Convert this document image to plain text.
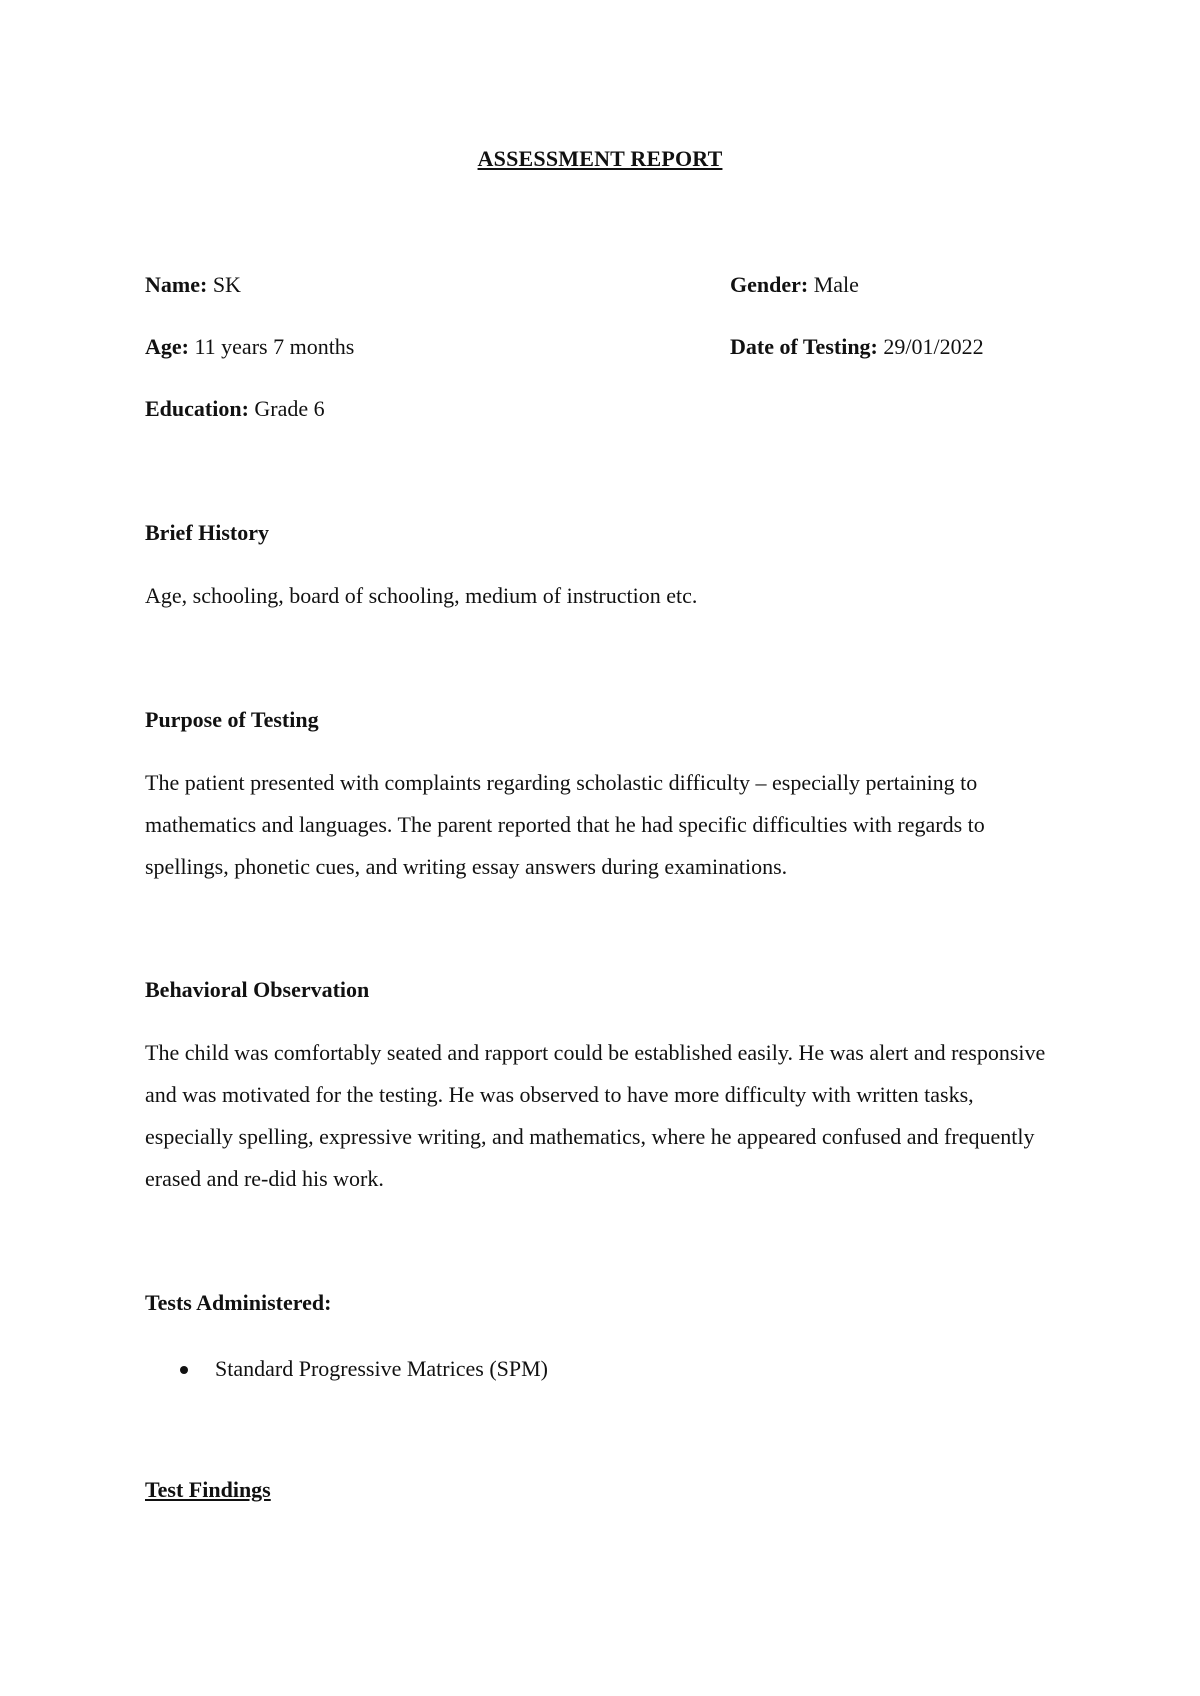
ASSESSMENT REPORT
Name: SK	Gender: Male
Age: 11 years 7 months	Date of Testing: 29/01/2022
Education: Grade 6
Brief History
Age, schooling, board of schooling, medium of instruction etc.
Purpose of Testing
The patient presented with complaints regarding scholastic difficulty – especially pertaining to mathematics and languages. The parent reported that he had specific difficulties with regards to spellings, phonetic cues, and writing essay answers during examinations.
Behavioral Observation
The child was comfortably seated and rapport could be established easily. He was alert and responsive and was motivated for the testing. He was observed to have more difficulty with written tasks, especially spelling, expressive writing, and mathematics, where he appeared confused and frequently erased and re-did his work.
Tests Administered:
Standard Progressive Matrices (SPM)
Test Findings
